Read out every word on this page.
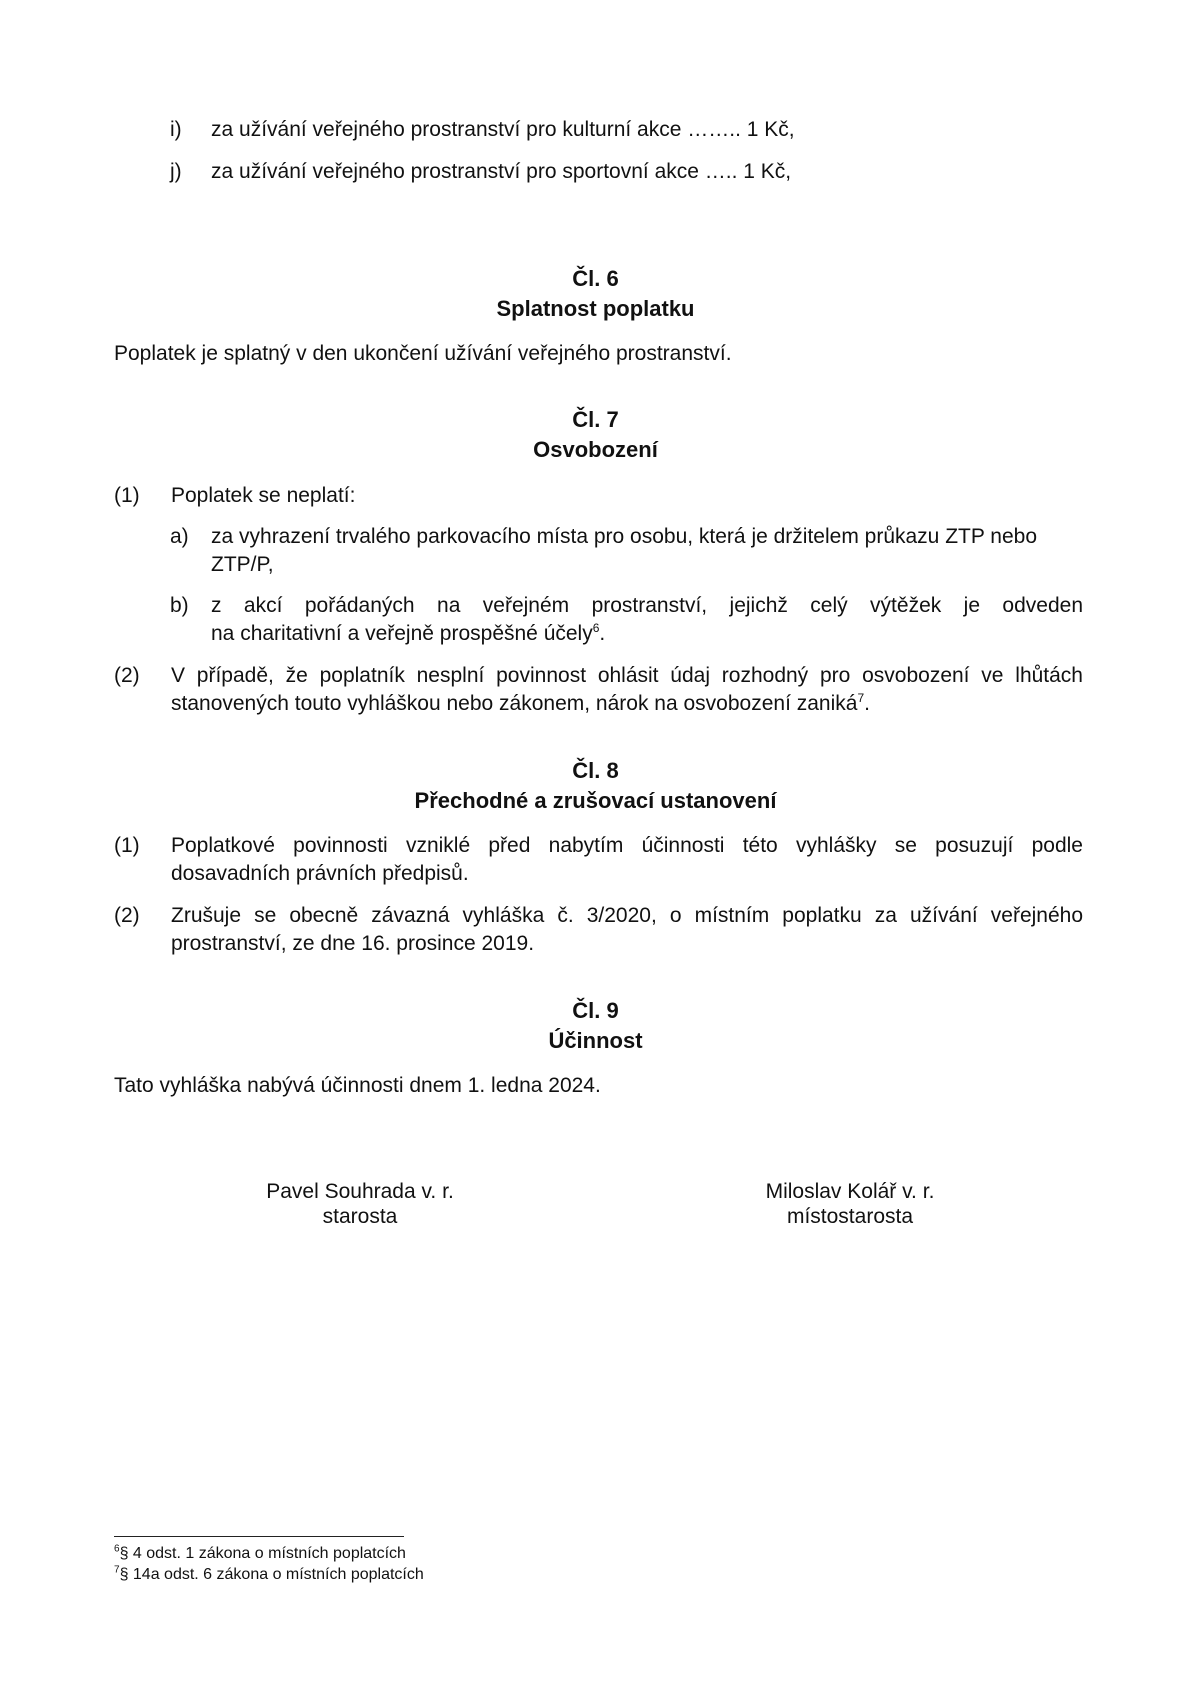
i) za užívání veřejného prostranství pro kulturní akce …….. 1 Kč,
j) za užívání veřejného prostranství pro sportovní akce ….. 1 Kč,
Čl. 6
Splatnost poplatku
Poplatek je splatný v den ukončení užívání veřejného prostranství.
Čl. 7
Osvobození
(1) Poplatek se neplatí:
a) za vyhrazení trvalého parkovacího místa pro osobu, která je držitelem průkazu ZTP nebo
ZTP/P,
b) z akcí pořádaných na veřejném prostranství, jejichž celý výtěžek je odveden
na charitativní a veřejně prospěšné účely$^6$.
(2) V případě, že poplatník nesplní povinnost ohlásit údaj rozhodný pro osvobození ve lhůtách
stanovených touto vyhláškou nebo zákonem, nárok na osvobození zaniká$^7$.
Čl. 8
Přechodné a zrušovací ustanovení
(1) Poplatkové povinnosti vzniklé před nabytím účinnosti této vyhlášky se posuzují podle
dosavadních právních předpisů.
(2) Zrušuje se obecně závazná vyhláška č. 3/2020, o místním poplatku za užívání veřejného
prostranství, ze dne 16. prosince 2019.
Čl. 9
Účinnost
Tato vyhláška nabývá účinnosti dnem 1. ledna 2024.
Pavel Souhrada v. r.
starosta
Miloslav Kolář v. r.
místostarosta
$^6$§ 4 odst. 1 zákona o místních poplatcích
$^7$§ 14a odst. 6 zákona o místních poplatcích
